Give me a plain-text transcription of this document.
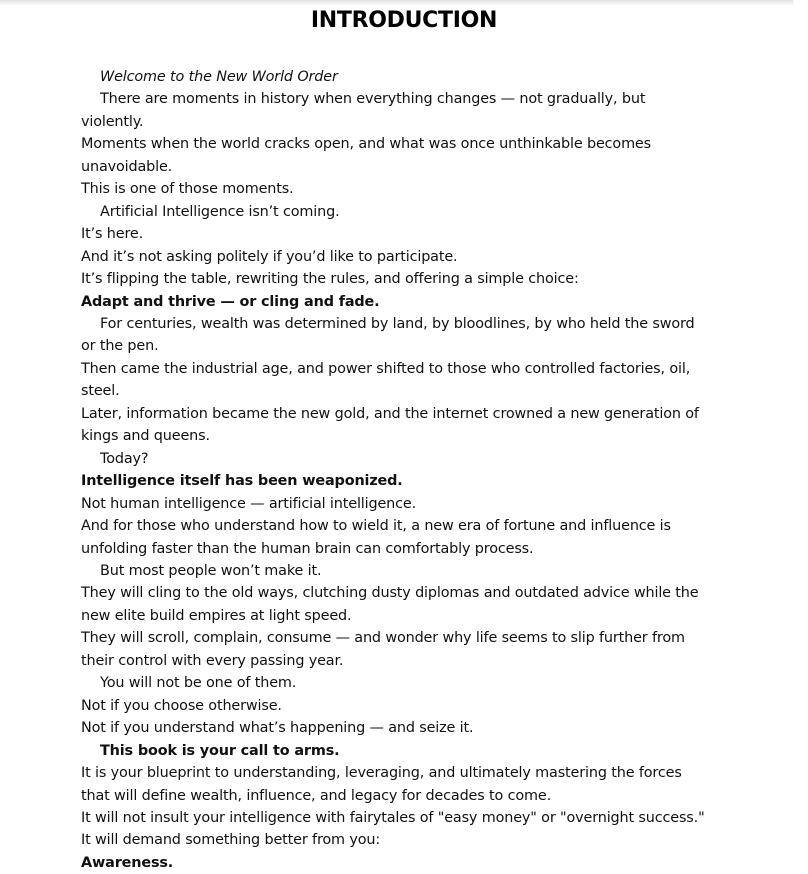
INTRODUCTION

Welcome to the New World Order

There are moments in history when everything changes — not gradually, but violently.

Moments when the world cracks open, and what was once unthinkable becomes unavoidable.

This is one of those moments.

Artificial Intelligence isn’t coming.

It’s here.

And it’s not asking politely if you’d like to participate.

It’s flipping the table, rewriting the rules, and offering a simple choice:

Adapt and thrive — or cling and fade.

For centuries, wealth was determined by land, by bloodlines, by who held the sword or the pen.

Then came the industrial age, and power shifted to those who controlled factories, oil, steel.

Later, information became the new gold, and the internet crowned a new generation of kings and queens.

Today?

Intelligence itself has been weaponized.

Not human intelligence — artificial intelligence.

And for those who understand how to wield it, a new era of fortune and influence is unfolding faster than the human brain can comfortably process.

But most people won’t make it.

They will cling to the old ways, clutching dusty diplomas and outdated advice while the new elite build empires at light speed.

They will scroll, complain, consume — and wonder why life seems to slip further from their control with every passing year.

You will not be one of them.

Not if you choose otherwise.

Not if you understand what’s happening — and seize it.

This book is your call to arms.

It is your blueprint to understanding, leveraging, and ultimately mastering the forces that will define wealth, influence, and legacy for decades to come.

It will not insult your intelligence with fairytales of "easy money" or "overnight success."

It will demand something better from you:

Awareness.
